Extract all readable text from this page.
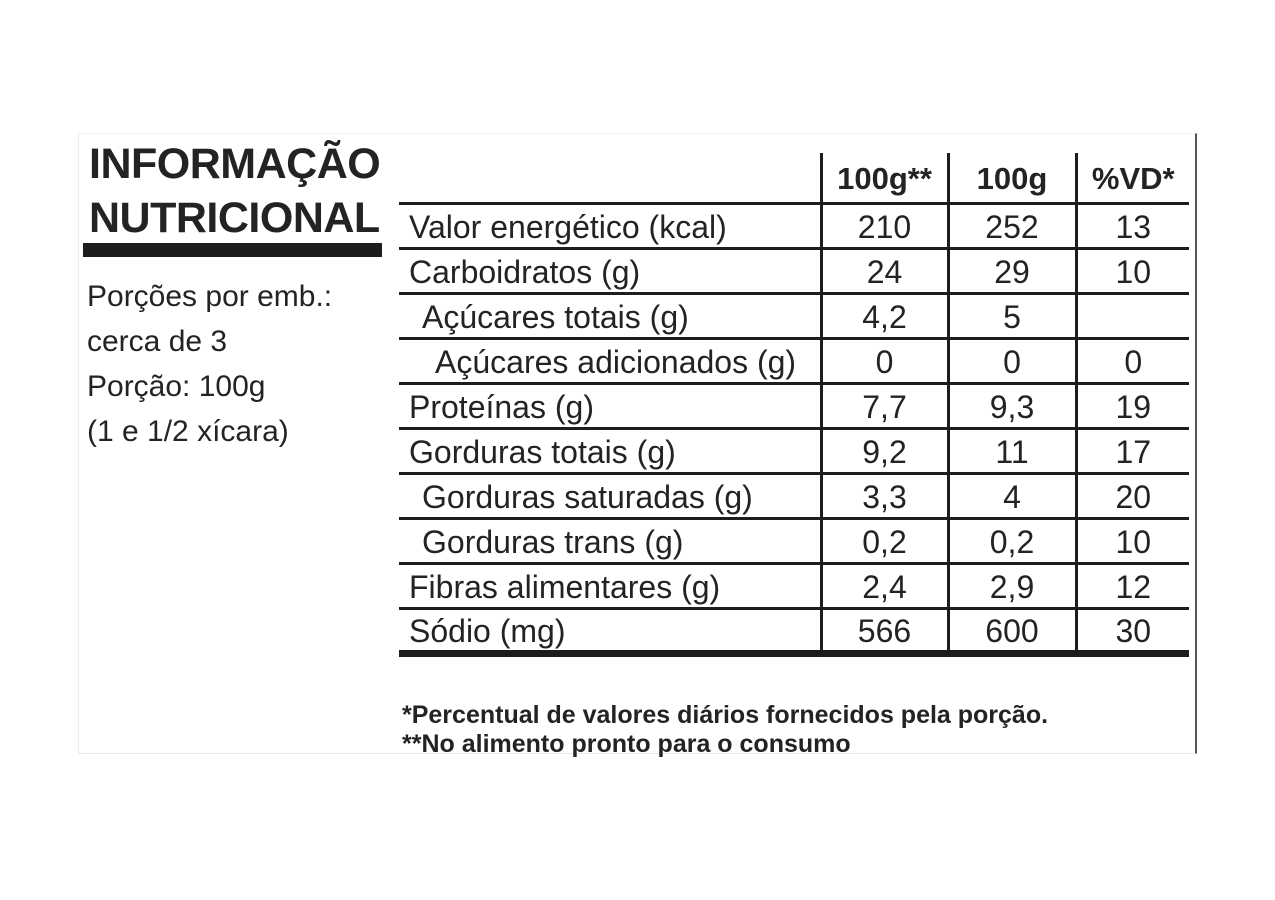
INFORMAÇÃO
NUTRICIONAL
Porções por emb.:
cerca de 3
Porção: 100g
(1 e 1/2 xícara)
	100g**	100g	%VD*
Valor energético (kcal)	210	252	13
Carboidratos (g)	24	29	10
Açúcares totais (g)	4,2	5	
Açúcares adicionados (g)	0	0	0
Proteínas (g)	7,7	9,3	19
Gorduras totais (g)	9,2	11	17
Gorduras saturadas (g)	3,3	4	20
Gorduras trans (g)	0,2	0,2	10
Fibras alimentares (g)	2,4	2,9	12
Sódio (mg)	566	600	30
*Percentual de valores diários fornecidos pela porção.
**No alimento pronto para o consumo
